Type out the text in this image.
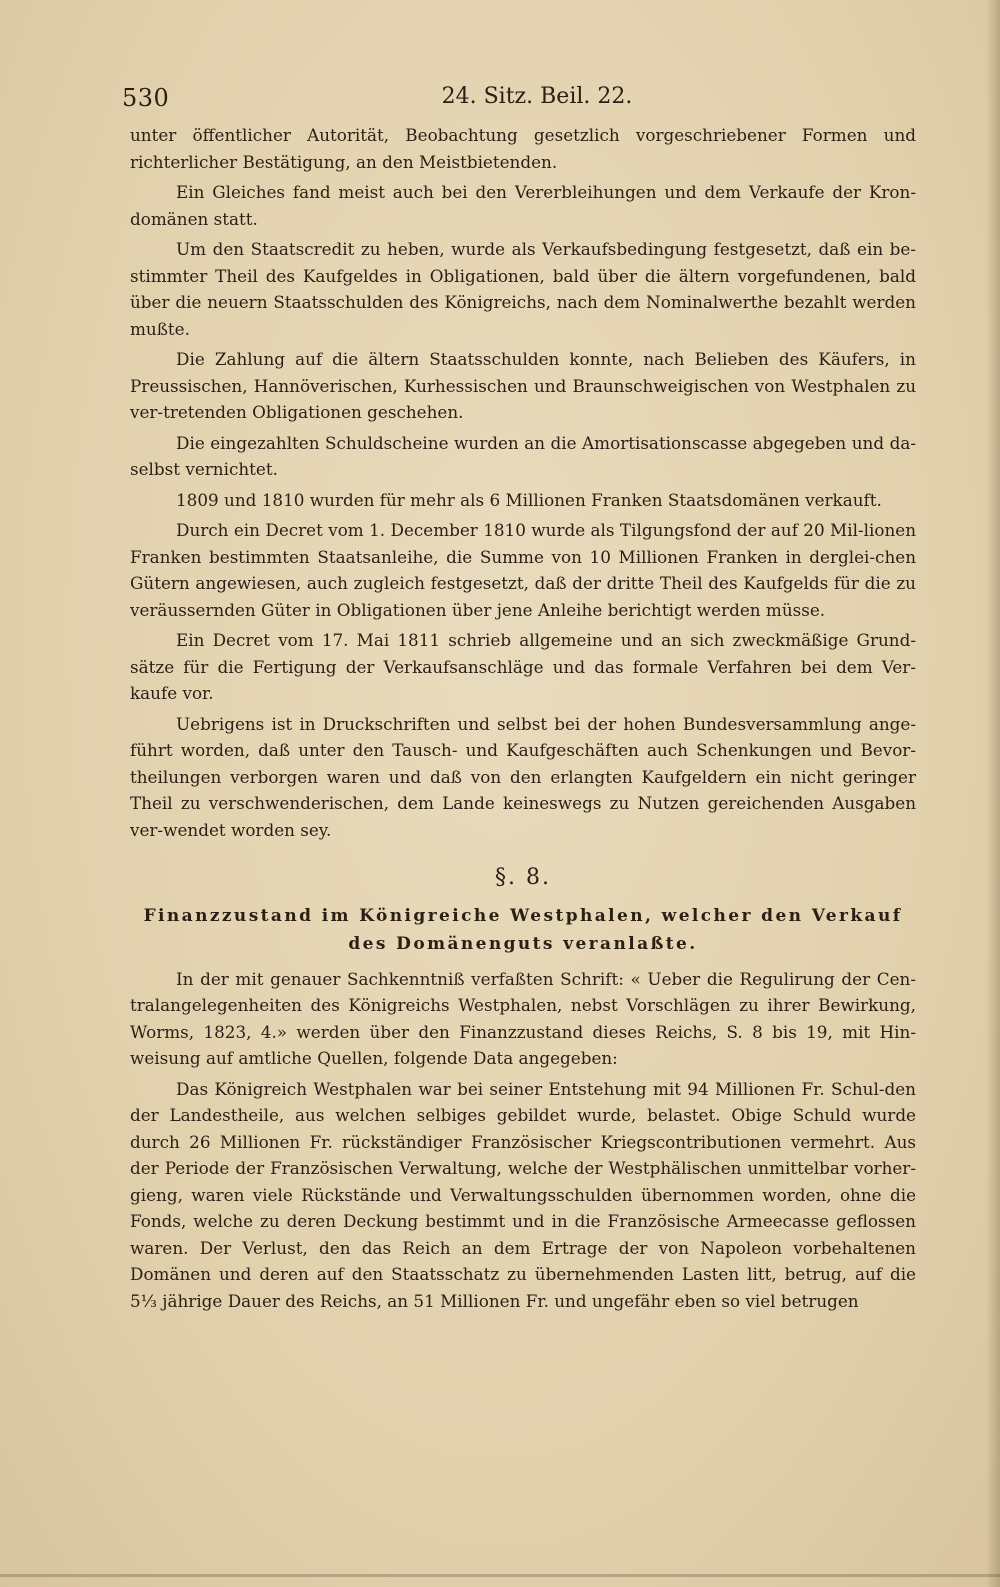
530	24. Sitz. Beil. 22.

unter öffentlicher Autorität, Beobachtung gesetzlich vorgeschriebener Formen und richterlicher Bestätigung, an den Meistbietenden.

Ein Gleiches fand meist auch bei den Vererbleihungen und dem Verkaufe der Kron-domänen statt.

Um den Staatscredit zu heben, wurde als Verkaufsbedingung festgesetzt, daß ein be-stimmter Theil des Kaufgeldes in Obligationen, bald über die ältern vorgefundenen, bald über die neuern Staatsschulden des Königreichs, nach dem Nominalwerthe bezahlt werden mußte.

Die Zahlung auf die ältern Staatsschulden konnte, nach Belieben des Käufers, in Preussischen, Hannöverischen, Kurhessischen und Braunschweigischen von Westphalen zu ver-tretenden Obligationen geschehen.

Die eingezahlten Schuldscheine wurden an die Amortisationscasse abgegeben und da-selbst vernichtet.

1809 und 1810 wurden für mehr als 6 Millionen Franken Staatsdomänen verkauft.

Durch ein Decret vom 1. December 1810 wurde als Tilgungsfond der auf 20 Mil-lionen Franken bestimmten Staatsanleihe, die Summe von 10 Millionen Franken in derglei-chen Gütern angewiesen, auch zugleich festgesetzt, daß der dritte Theil des Kaufgelds für die zu veräussernden Güter in Obligationen über jene Anleihe berichtigt werden müsse.

Ein Decret vom 17. Mai 1811 schrieb allgemeine und an sich zweckmäßige Grund-sätze für die Fertigung der Verkaufsanschläge und das formale Verfahren bei dem Ver-kaufe vor.

Uebrigens ist in Druckschriften und selbst bei der hohen Bundesversammlung ange-führt worden, daß unter den Tausch- und Kaufgeschäften auch Schenkungen und Bevor-theilungen verborgen waren und daß von den erlangten Kaufgeldern ein nicht geringer Theil zu verschwenderischen, dem Lande keineswegs zu Nutzen gereichenden Ausgaben ver-wendet worden sey.

§. 8.
Finanzzustand im Königreiche Westphalen, welcher den Verkauf des Domänenguts veranlaßte.

In der mit genauer Sachkenntniß verfaßten Schrift: « Ueber die Regulirung der Cen-tralangelegenheiten des Königreichs Westphalen, nebst Vorschlägen zu ihrer Bewirkung, Worms, 1823, 4.» werden über den Finanzzustand dieses Reichs, S. 8 bis 19, mit Hin-weisung auf amtliche Quellen, folgende Data angegeben:

Das Königreich Westphalen war bei seiner Entstehung mit 94 Millionen Fr. Schul-den der Landestheile, aus welchen selbiges gebildet wurde, belastet. Obige Schuld wurde durch 26 Millionen Fr. rückständiger Französischer Kriegscontributionen vermehrt. Aus der Periode der Französischen Verwaltung, welche der Westphälischen unmittelbar vorher-gieng, waren viele Rückstände und Verwaltungsschulden übernommen worden, ohne die Fonds, welche zu deren Deckung bestimmt und in die Französische Armeecasse geflossen waren. Der Verlust, den das Reich an dem Ertrage der von Napoleon vorbehaltenen Domänen und deren auf den Staatsschatz zu übernehmenden Lasten litt, betrug, auf die 5⅓ jährige Dauer des Reichs, an 51 Millionen Fr. und ungefähr eben so viel betrugen
